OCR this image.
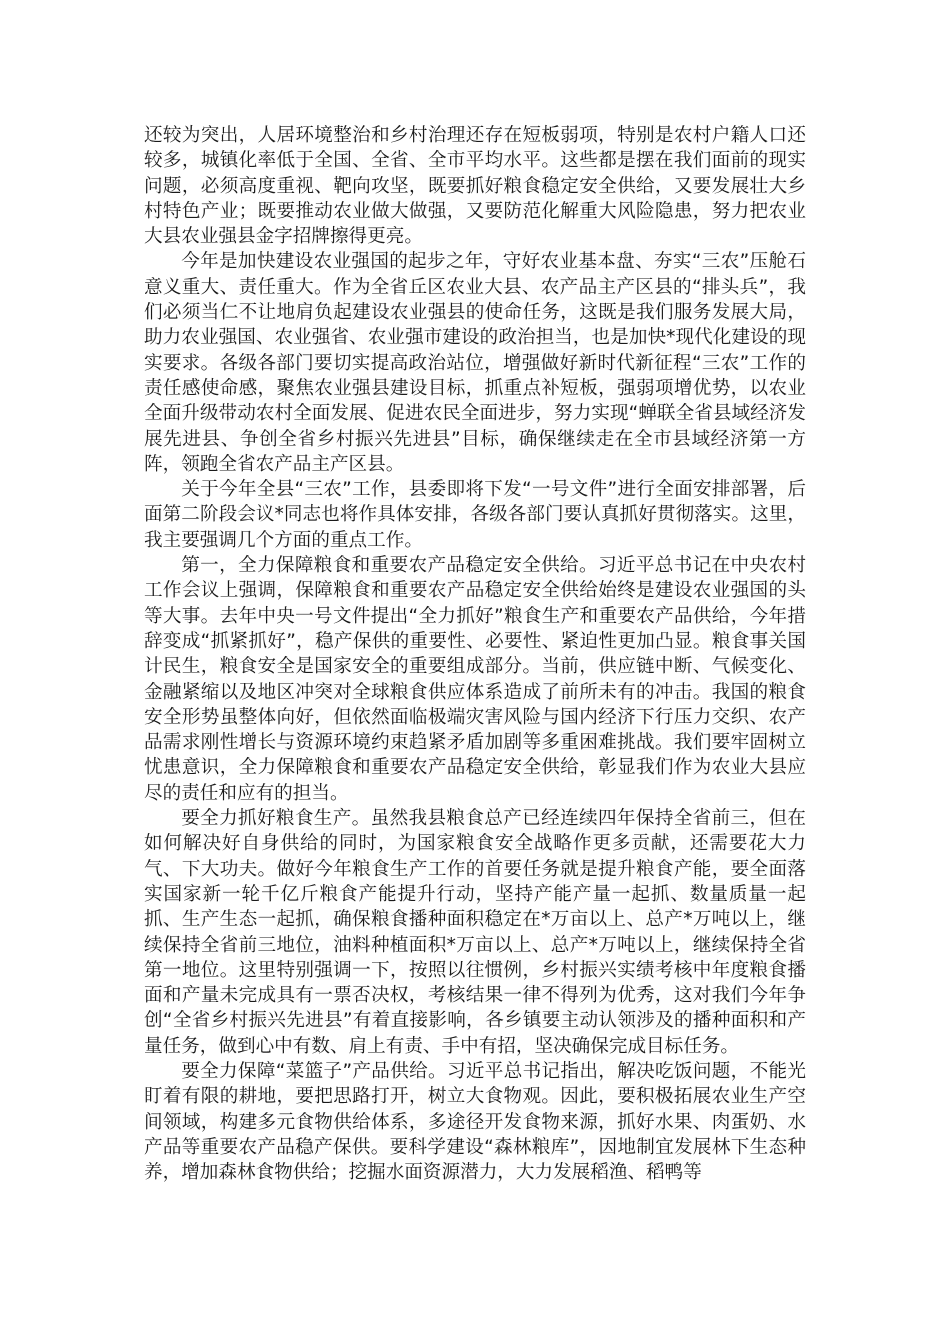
还较为突出，人居环境整治和乡村治理还存在短板弱项，特别是农村户籍人口还较多，城镇化率低于全国、全省、全市平均水平。这些都是摆在我们面前的现实问题，必须高度重视、靶向攻坚，既要抓好粮食稳定安全供给，又要发展壮大乡村特色产业；既要推动农业做大做强，又要防范化解重大风险隐患，努力把农业大县农业强县金字招牌擦得更亮。

今年是加快建设农业强国的起步之年，守好农业基本盘、夯实“三农”压舱石意义重大、责任重大。作为全省丘区农业大县、农产品主产区县的“排头兵”，我们必须当仁不让地肩负起建设农业强县的使命任务，这既是我们服务发展大局，助力农业强国、农业强省、农业强市建设的政治担当，也是加快*现代化建设的现实要求。各级各部门要切实提高政治站位，增强做好新时代新征程“三农”工作的责任感使命感，聚焦农业强县建设目标，抓重点补短板，强弱项增优势，以农业全面升级带动农村全面发展、促进农民全面进步，努力实现“蝉联全省县域经济发展先进县、争创全省乡村振兴先进县”目标，确保继续走在全市县域经济第一方阵，领跑全省农产品主产区县。

关于今年全县“三农”工作，县委即将下发“一号文件”进行全面安排部署，后面第二阶段会议*同志也将作具体安排，各级各部门要认真抓好贯彻落实。这里，我主要强调几个方面的重点工作。

第一，全力保障粮食和重要农产品稳定安全供给。习近平总书记在中央农村工作会议上强调，保障粮食和重要农产品稳定安全供给始终是建设农业强国的头等大事。去年中央一号文件提出“全力抓好”粮食生产和重要农产品供给，今年措辞变成“抓紧抓好”，稳产保供的重要性、必要性、紧迫性更加凸显。粮食事关国计民生，粮食安全是国家安全的重要组成部分。当前，供应链中断、气候变化、金融紧缩以及地区冲突对全球粮食供应体系造成了前所未有的冲击。我国的粮食安全形势虽整体向好，但依然面临极端灾害风险与国内经济下行压力交织、农产品需求刚性增长与资源环境约束趋紧矛盾加剧等多重困难挑战。我们要牢固树立忧患意识，全力保障粮食和重要农产品稳定安全供给，彰显我们作为农业大县应尽的责任和应有的担当。

要全力抓好粮食生产。虽然我县粮食总产已经连续四年保持全省前三，但在如何解决好自身供给的同时，为国家粮食安全战略作更多贡献，还需要花大力气、下大功夫。做好今年粮食生产工作的首要任务就是提升粮食产能，要全面落实国家新一轮千亿斤粮食产能提升行动，坚持产能产量一起抓、数量质量一起抓、生产生态一起抓，确保粮食播种面积稳定在*万亩以上、总产*万吨以上，继续保持全省前三地位，油料种植面积*万亩以上、总产*万吨以上，继续保持全省第一地位。这里特别强调一下，按照以往惯例，乡村振兴实绩考核中年度粮食播面和产量未完成具有一票否决权，考核结果一律不得列为优秀，这对我们今年争创“全省乡村振兴先进县”有着直接影响，各乡镇要主动认领涉及的播种面积和产量任务，做到心中有数、肩上有责、手中有招，坚决确保完成目标任务。

要全力保障“菜篮子”产品供给。习近平总书记指出，解决吃饭问题，不能光盯着有限的耕地，要把思路打开，树立大食物观。因此，要积极拓展农业生产空间领域，构建多元食物供给体系，多途径开发食物来源，抓好水果、肉蛋奶、水产品等重要农产品稳产保供。要科学建设“森林粮库”，因地制宜发展林下生态种养，增加森林食物供给；挖掘水面资源潜力，大力发展稻渔、稻鸭等
